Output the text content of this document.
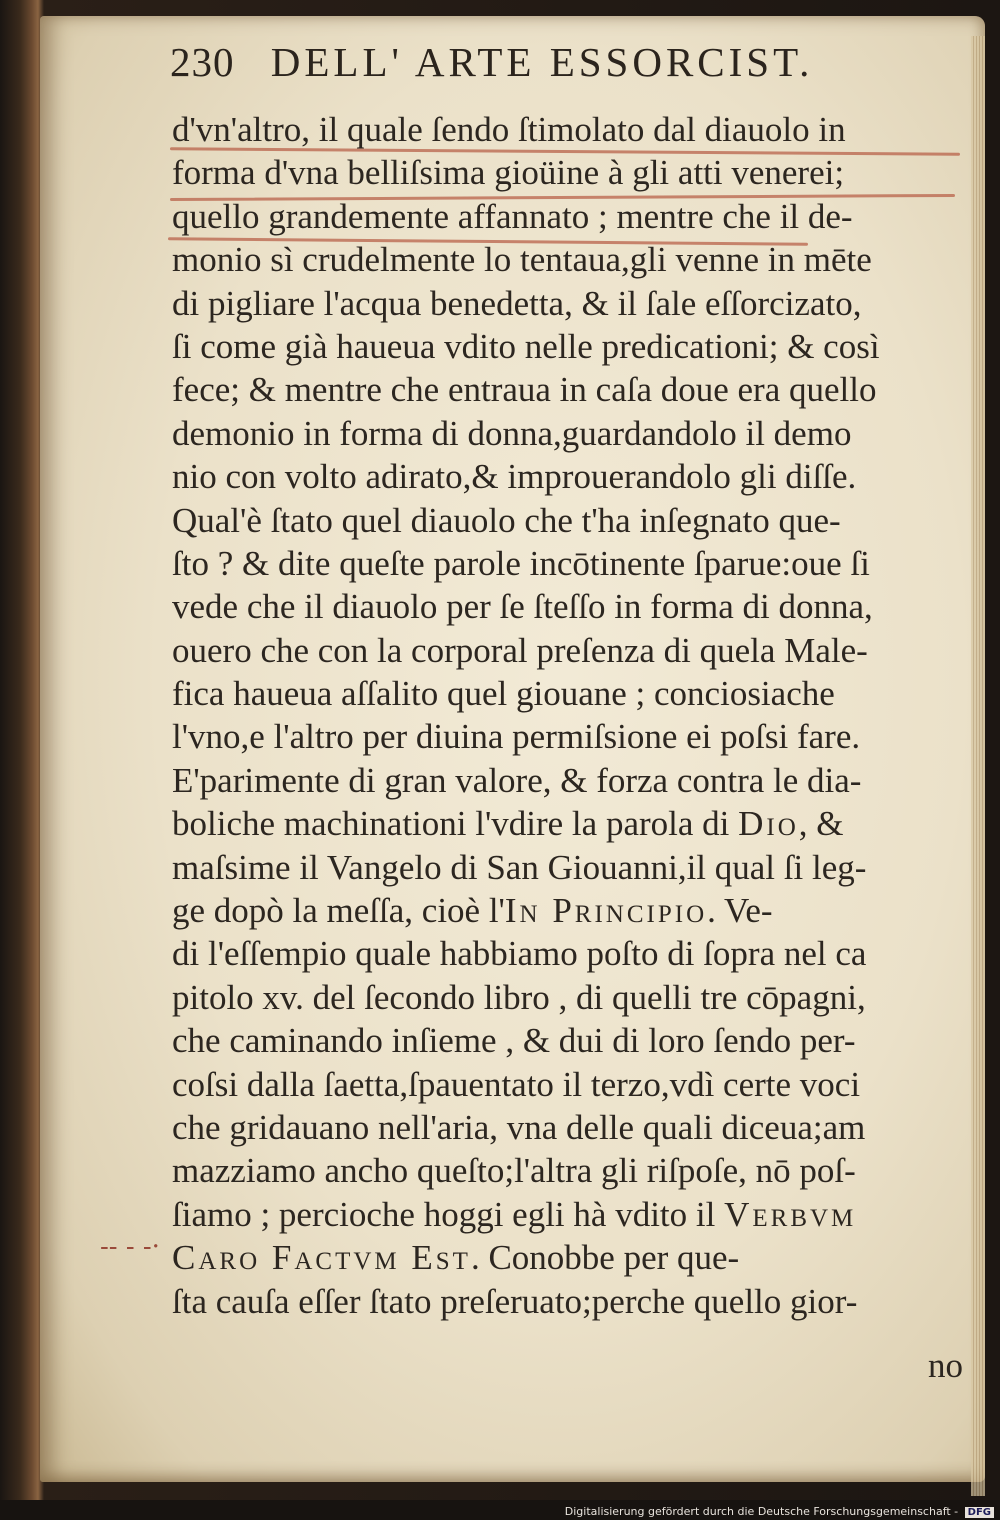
230 DELL' ARTE ESSORCIST.
-- - -·
d'vn'altro, il quale ſendo ſtimolato dal diauolo in
forma d'vna belliſsima gioüine à gli atti venerei;
quello grandemente affannato ; mentre che il de-
monio sì crudelmente lo tentaua,gli venne in mēte
di pigliare l'acqua benedetta, & il ſale eſſorcizato,
ſi come già haueua vdito nelle predicationi; & così
fece; & mentre che entraua in caſa doue era quello
demonio in forma di donna,guardandolo il demo
nio con volto adirato,& improuerandolo gli diſſe.
Qual'è ſtato quel diauolo che t'ha inſegnato que-
ſto ? & dite queſte parole incōtinente ſparue:oue ſi
vede che il diauolo per ſe ſteſſo in forma di donna,
ouero che con la corporal preſenza di quela Male-
fica haueua aſſalito quel giouane ; conciosiache
l'vno,e l'altro per diuina permiſsione ei poſsi fare.
E'parimente di gran valore, & forza contra le dia-
boliche machinationi l'vdire la parola di Dio, &
maſsime il Vangelo di San Giouanni,il qual ſi leg-
ge dopò la meſſa, cioè l'In Principio. Ve-
di l'eſſempio quale habbiamo poſto di ſopra nel ca
pitolo xv. del ſecondo libro , di quelli tre cōpagni,
che caminando inſieme , & dui di loro ſendo per-
coſsi dalla ſaetta,ſpauentato il terzo,vdì certe voci
che gridauano nell'aria, vna delle quali diceua;am
mazziamo ancho queſto;l'altra gli riſpoſe, nō poſ-
ſiamo ; percioche hoggi egli hà vdito il Verbvm
Caro Factvm Est. Conobbe per que-
ſta cauſa eſſer ſtato preſeruato;perche quello gior-
no
Digitalisierung gefördert durch die Deutsche Forschungsgemeinschaft - DFG
